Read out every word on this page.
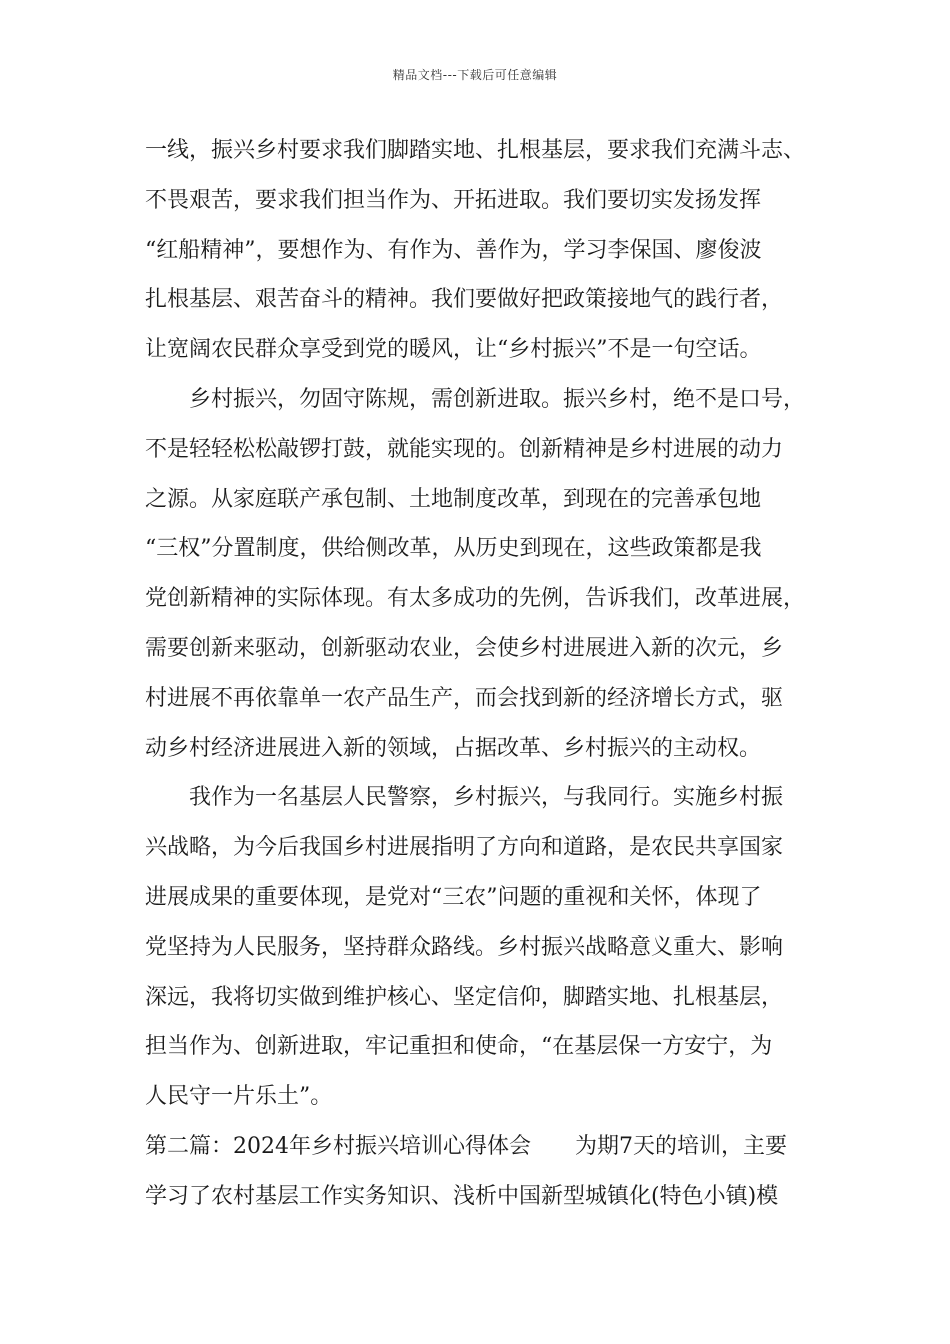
精品文档---下载后可任意编辑
一线，振兴乡村要求我们脚踏实地、扎根基层，要求我们充满斗志、
不畏艰苦，要求我们担当作为、开拓进取。我们要切实发扬发挥
“红船精神”，要想作为、有作为、善作为，学习李保国、廖俊波
扎根基层、艰苦奋斗的精神。我们要做好把政策接地气的践行者，
让宽阔农民群众享受到党的暖风，让“乡村振兴”不是一句空话。
乡村振兴，勿固守陈规，需创新进取。振兴乡村，绝不是口号，
不是轻轻松松敲锣打鼓，就能实现的。创新精神是乡村进展的动力
之源。从家庭联产承包制、土地制度改革，到现在的完善承包地
“三权”分置制度，供给侧改革，从历史到现在，这些政策都是我
党创新精神的实际体现。有太多成功的先例，告诉我们，改革进展，
需要创新来驱动，创新驱动农业，会使乡村进展进入新的次元，乡
村进展不再依靠单一农产品生产，而会找到新的经济增长方式，驱
动乡村经济进展进入新的领域，占据改革、乡村振兴的主动权。
我作为一名基层人民警察，乡村振兴，与我同行。实施乡村振
兴战略，为今后我国乡村进展指明了方向和道路，是农民共享国家
进展成果的重要体现，是党对“三农”问题的重视和关怀，体现了
党坚持为人民服务，坚持群众路线。乡村振兴战略意义重大、影响
深远，我将切实做到维护核心、坚定信仰，脚踏实地、扎根基层，
担当作为、创新进取，牢记重担和使命，“在基层保一方安宁，为
人民守一片乐土”。
第二篇：2024年乡村振兴培训心得体会　　为期7天的培训，主要
学习了农村基层工作实务知识、浅析中国新型城镇化(特色小镇)模
